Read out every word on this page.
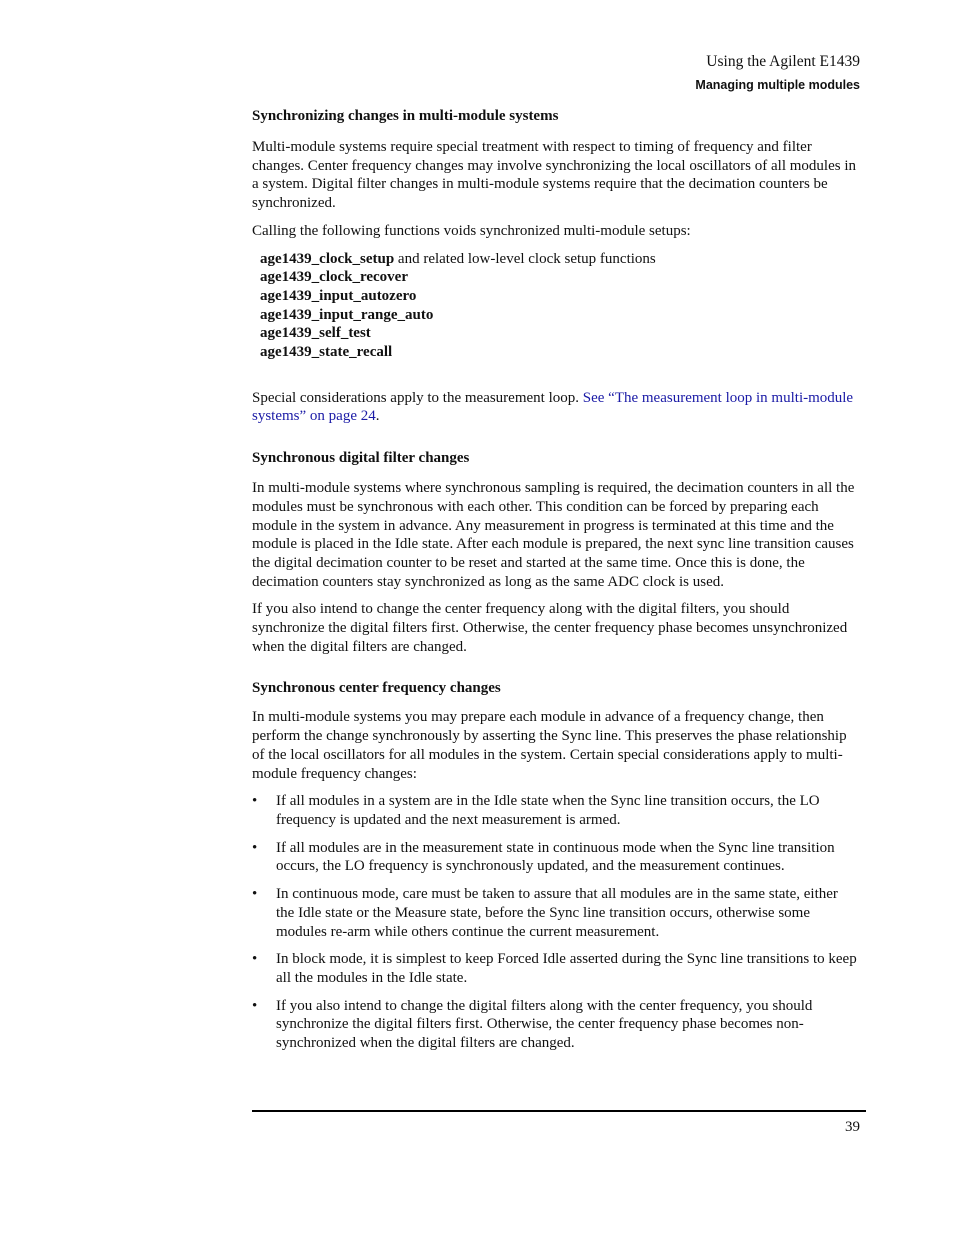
Using the Agilent E1439
Managing multiple modules
Synchronizing changes in multi-module systems

Multi-module systems require special treatment with respect to timing of frequency and filter changes. Center frequency changes may involve synchronizing the local oscillators of all modules in a system. Digital filter changes in multi-module systems require that the decimation counters be synchronized.

Calling the following functions voids synchronized multi-module setups:

age1439_clock_setup and related low-level clock setup functions
age1439_clock_recover
age1439_input_autozero
age1439_input_range_auto
age1439_self_test
age1439_state_recall

Special considerations apply to the measurement loop. See “The measurement loop in multi-module systems” on page 24.

Synchronous digital filter changes

In multi-module systems where synchronous sampling is required, the decimation counters in all the modules must be synchronous with each other. This condition can be forced by preparing each module in the system in advance. Any measurement in progress is terminated at this time and the module is placed in the Idle state. After each module is prepared, the next sync line transition causes the digital decimation counter to be reset and started at the same time. Once this is done, the decimation counters stay synchronized as long as the same ADC clock is used.

If you also intend to change the center frequency along with the digital filters, you should synchronize the digital filters first. Otherwise, the center frequency phase becomes unsynchronized when the digital filters are changed.

Synchronous center frequency changes

In multi-module systems you may prepare each module in advance of a frequency change, then perform the change synchronously by asserting the Sync line. This preserves the phase relationship of the local oscillators for all modules in the system. Certain special considerations apply to multi-module frequency changes:

• If all modules in a system are in the Idle state when the Sync line transition occurs, the LO frequency is updated and the next measurement is armed.
• If all modules are in the measurement state in continuous mode when the Sync line transition occurs, the LO frequency is synchronously updated, and the measurement continues.
• In continuous mode, care must be taken to assure that all modules are in the same state, either the Idle state or the Measure state, before the Sync line transition occurs, otherwise some modules re-arm while others continue the current measurement.
• In block mode, it is simplest to keep Forced Idle asserted during the Sync line transitions to keep all the modules in the Idle state.
• If you also intend to change the digital filters along with the center frequency, you should synchronize the digital filters first. Otherwise, the center frequency phase becomes non-synchronized when the digital filters are changed.
39
